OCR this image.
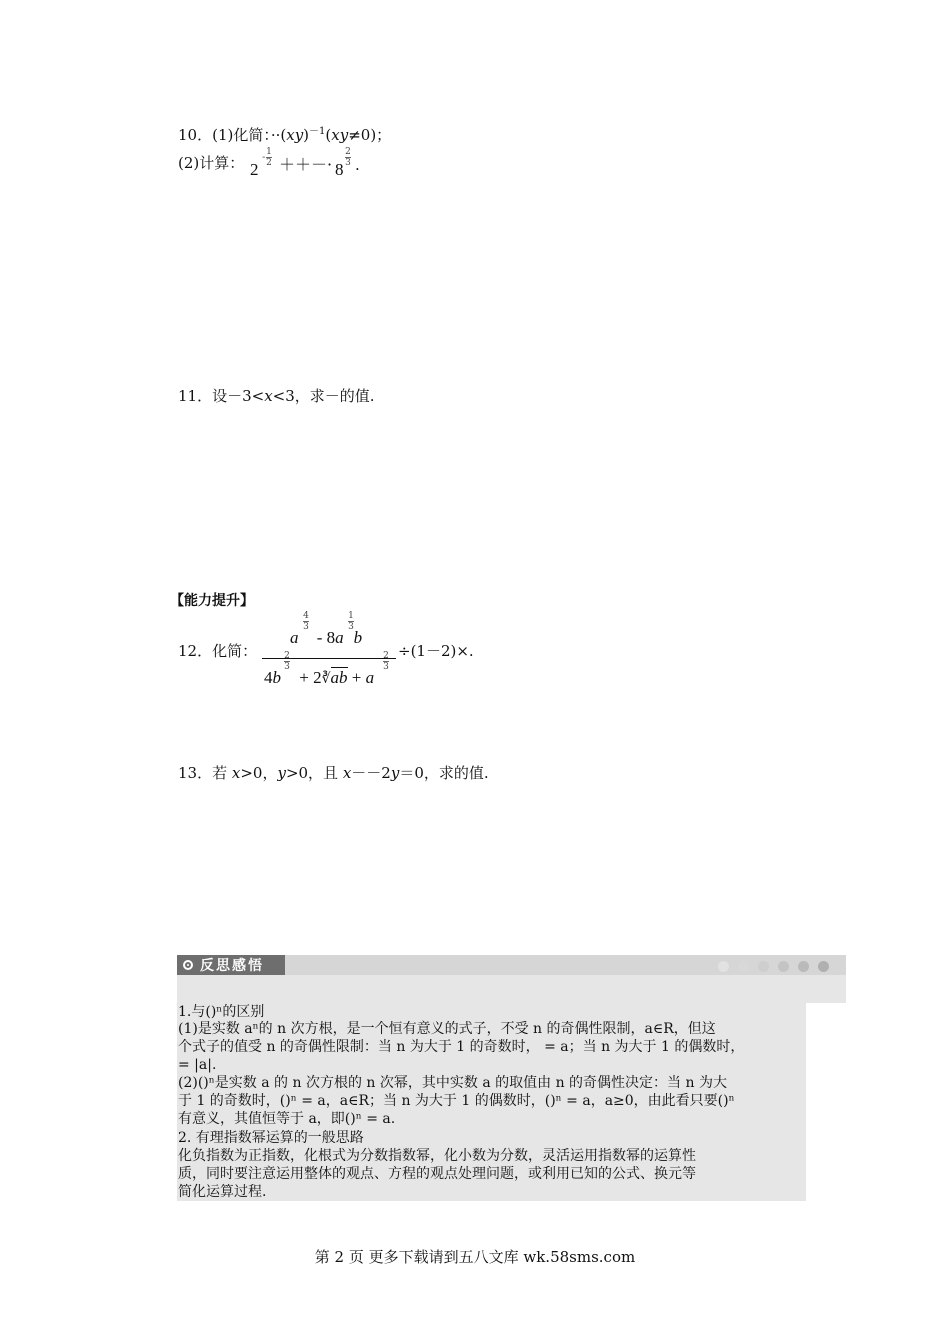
10．(1)化简：··(xy)$^{-1}$(xy≠0)；
(2)计算： 2
- 1
2 ＋＋－· 8
2
3 .
11．设－3<x<3，求－的值.
【能力提升】
12．化简：
a - 8a b
4
3
1
3
4b + 2∛ab + a
2
3
2
3
÷(1－2)×.
13．若 x>0，y>0，且 x－－2y＝0，求的值.
反思感悟
1.与()ⁿ的区别
(1)是实数 aⁿ的 n 次方根，是一个恒有意义的式子，不受 n 的奇偶性限制，a∈R，但这
个式子的值受 n 的奇偶性限制：当 n 为大于 1 的奇数时， = a；当 n 为大于 1 的偶数时，
= |a|.
(2)()ⁿ是实数 a 的 n 次方根的 n 次幂，其中实数 a 的取值由 n 的奇偶性决定：当 n 为大
于 1 的奇数时，()ⁿ = a，a∈R；当 n 为大于 1 的偶数时，()ⁿ = a，a≥0，由此看只要()ⁿ
有意义，其值恒等于 a，即()ⁿ = a.
2. 有理指数幂运算的一般思路
化负指数为正指数，化根式为分数指数幂，化小数为分数，灵活运用指数幂的运算性
质，同时要注意运用整体的观点、方程的观点处理问题，或利用已知的公式、换元等
简化运算过程.
第 2 页 更多下载请到五八文库 wk.58sms.com
